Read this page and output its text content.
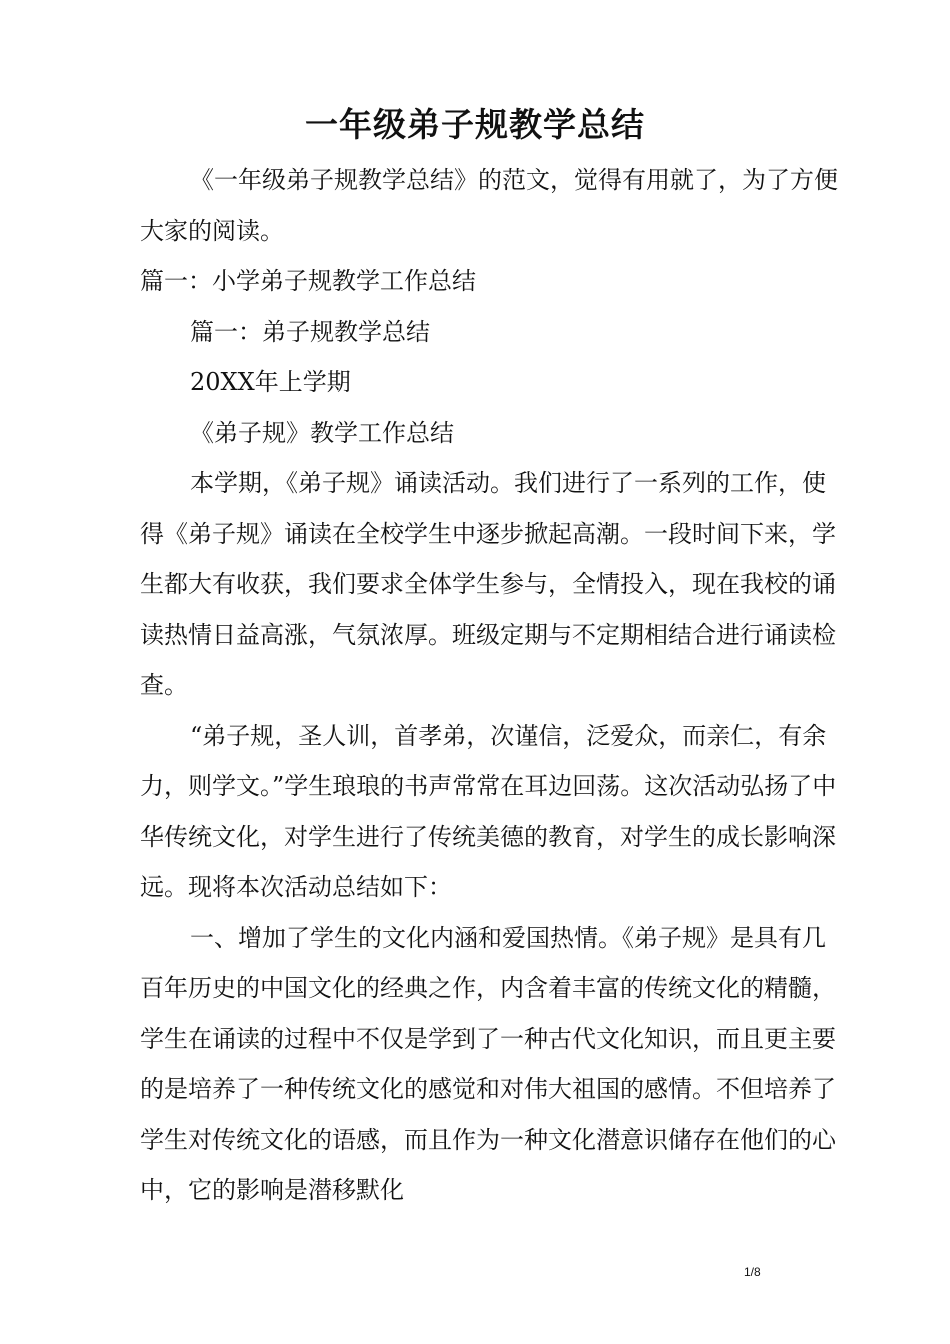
一年级弟子规教学总结

《一年级弟子规教学总结》的范文，觉得有用就了，为了方便大家的阅读。

篇一：小学弟子规教学工作总结

篇一：弟子规教学总结

20XX年上学期

《弟子规》教学工作总结

本学期，《弟子规》诵读活动。我们进行了一系列的工作，使得《弟子规》诵读在全校学生中逐步掀起高潮。一段时间下来，学生都大有收获，我们要求全体学生参与，全情投入，现在我校的诵读热情日益高涨，气氛浓厚。班级定期与不定期相结合进行诵读检查。

“弟子规，圣人训，首孝弟，次谨信，泛爱众，而亲仁，有余力，则学文。”学生琅琅的书声常常在耳边回荡。这次活动弘扬了中华传统文化，对学生进行了传统美德的教育，对学生的成长影响深远。现将本次活动总结如下：

一、增加了学生的文化内涵和爱国热情。《弟子规》是具有几百年历史的中国文化的经典之作，内含着丰富的传统文化的精髓，学生在诵读的过程中不仅是学到了一种古代文化知识，而且更主要的是培养了一种传统文化的感觉和对伟大祖国的感情。不但培养了学生对传统文化的语感，而且作为一种文化潜意识储存在他们的心中，它的影响是潜移默化

1/8
